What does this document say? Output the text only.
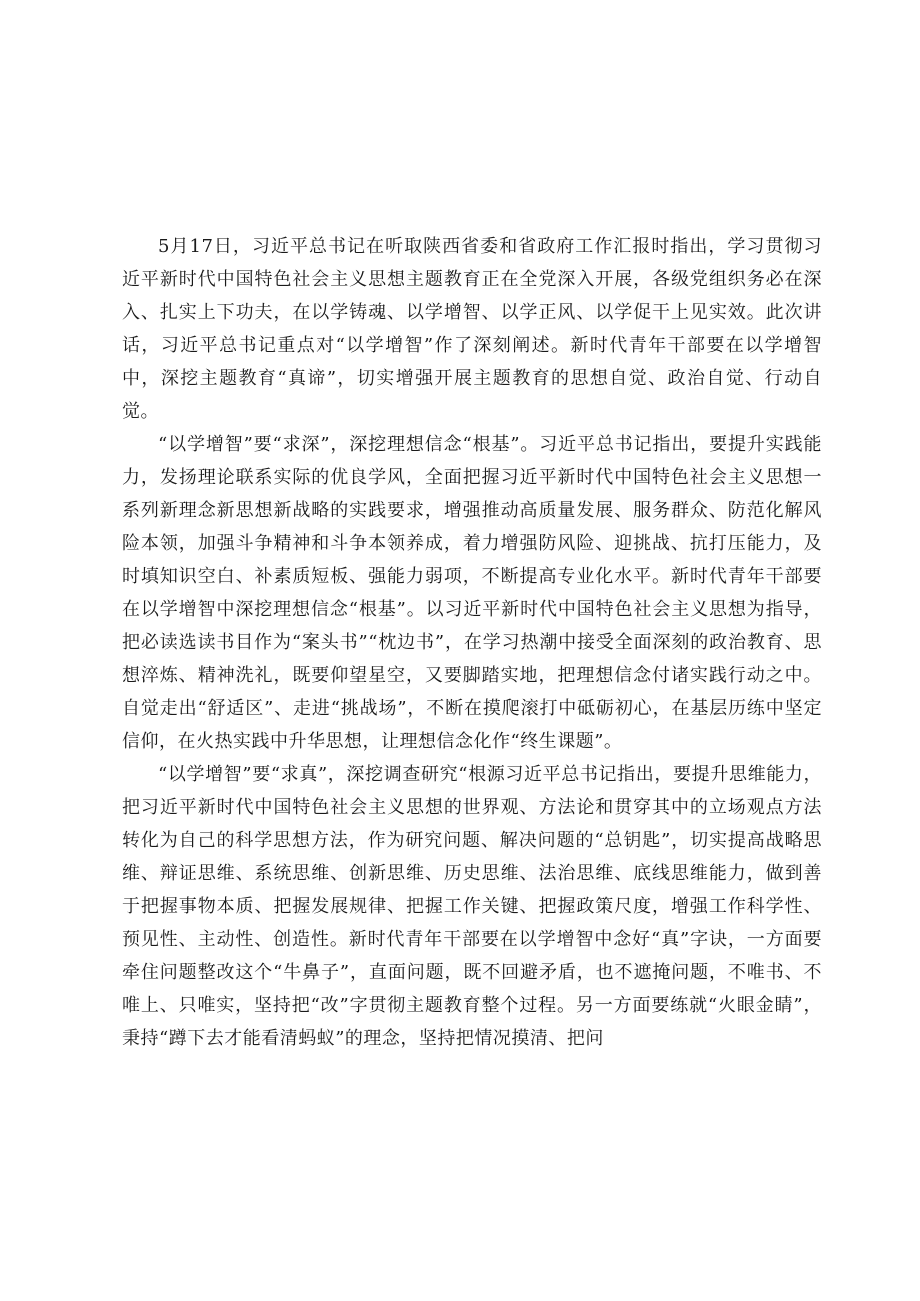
5月17日，习近平总书记在听取陕西省委和省政府工作汇报时指出，学习贯彻习近平新时代中国特色社会主义思想主题教育正在全党深入开展，各级党组织务必在深入、扎实上下功夫，在以学铸魂、以学增智、以学正风、以学促干上见实效。此次讲话，习近平总书记重点对“以学增智”作了深刻阐述。新时代青年干部要在以学增智中，深挖主题教育“真谛”，切实增强开展主题教育的思想自觉、政治自觉、行动自觉。

“以学增智”要“求深”，深挖理想信念“根基”。习近平总书记指出，要提升实践能力，发扬理论联系实际的优良学风，全面把握习近平新时代中国特色社会主义思想一系列新理念新思想新战略的实践要求，增强推动高质量发展、服务群众、防范化解风险本领，加强斗争精神和斗争本领养成，着力增强防风险、迎挑战、抗打压能力，及时填知识空白、补素质短板、强能力弱项，不断提高专业化水平。新时代青年干部要在以学增智中深挖理想信念“根基”。以习近平新时代中国特色社会主义思想为指导，把必读选读书目作为“案头书”“枕边书”，在学习热潮中接受全面深刻的政治教育、思想淬炼、精神洗礼，既要仰望星空，又要脚踏实地，把理想信念付诸实践行动之中。自觉走出“舒适区”、走进“挑战场”，不断在摸爬滚打中砥砺初心，在基层历练中坚定信仰，在火热实践中升华思想，让理想信念化作“终生课题”。

“以学增智”要“求真”，深挖调查研究“根源习近平总书记指出，要提升思维能力，把习近平新时代中国特色社会主义思想的世界观、方法论和贯穿其中的立场观点方法转化为自己的科学思想方法，作为研究问题、解决问题的“总钥匙”，切实提高战略思维、辩证思维、系统思维、创新思维、历史思维、法治思维、底线思维能力，做到善于把握事物本质、把握发展规律、把握工作关键、把握政策尺度，增强工作科学性、预见性、主动性、创造性。新时代青年干部要在以学增智中念好“真”字诀，一方面要牵住问题整改这个“牛鼻子”，直面问题，既不回避矛盾，也不遮掩问题，不唯书、不唯上、只唯实，坚持把“改”字贯彻主题教育整个过程。另一方面要练就“火眼金睛”，秉持“蹲下去才能看清蚂蚁”的理念，坚持把情况摸清、把问
